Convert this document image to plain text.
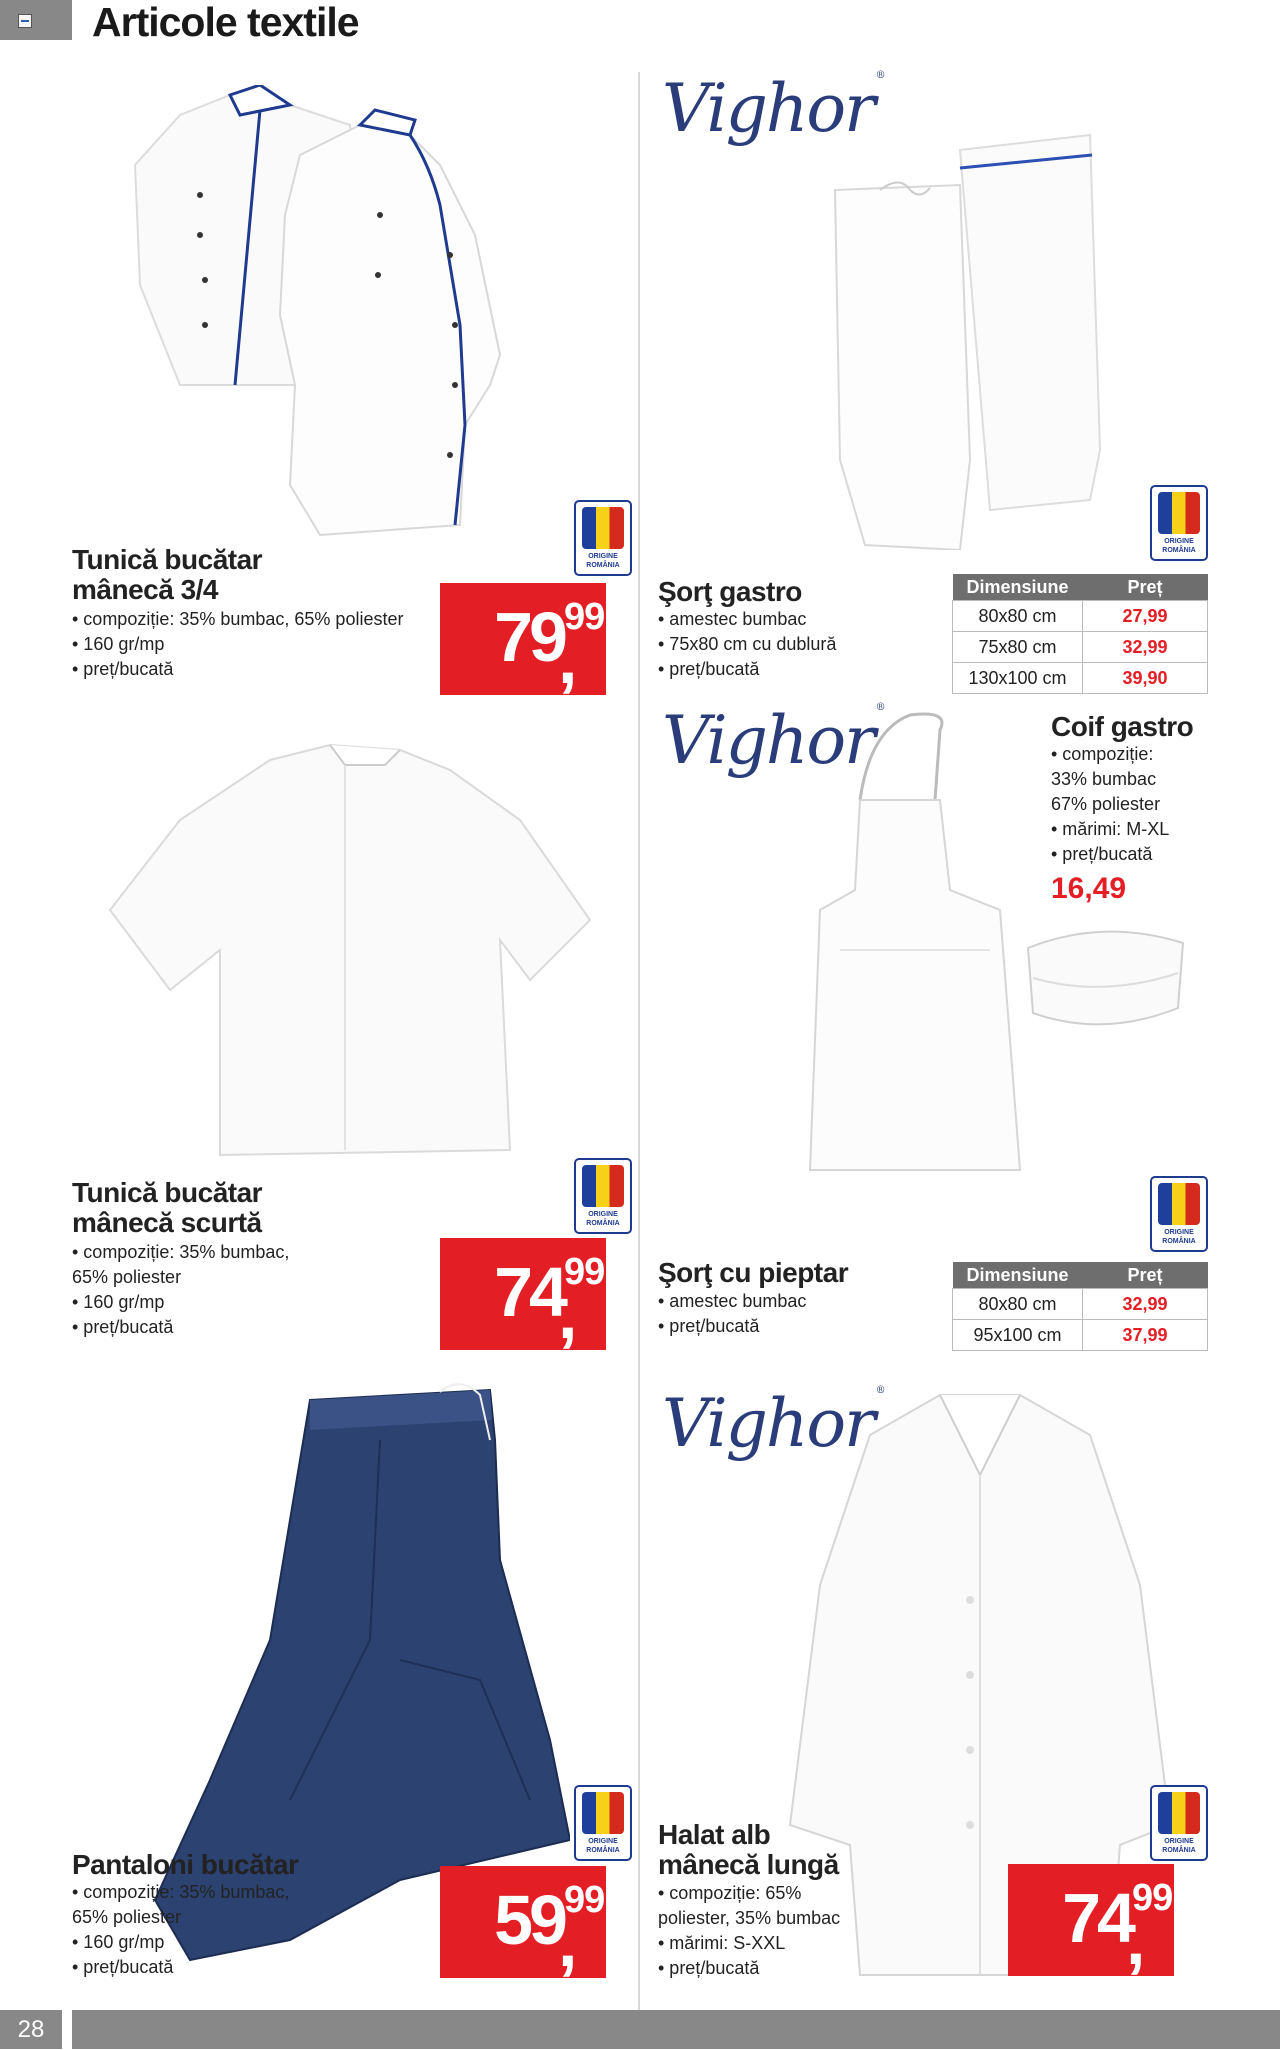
Articole textile
Tunică bucătar
mânecă 3/4
• compoziție: 35% bumbac, 65% poliester
• 160 gr/mp
• preț/bucată
ORIGINE
ROMÂNIA
79
,
99
Vighor ®
ORIGINE
ROMÂNIA
Şorţ gastro
• amestec bumbac
• 75x80 cm cu dublură
• preț/bucată
Dimensiune	Preț
80x80 cm	27,99
75x80 cm	32,99
130x100 cm	39,90
Vighor ®
Coif gastro
• compoziție:
33% bumbac
67% poliester
• mărimi: M-XL
• preț/bucată
16,49
Tunică bucătar
mânecă scurtă
• compoziție: 35% bumbac,
65% poliester
• 160 gr/mp
• preț/bucată
ORIGINE
ROMÂNIA
74
,
99
ORIGINE
ROMÂNIA
Şorţ cu pieptar
• amestec bumbac
• preț/bucată
Dimensiune	Preț
80x80 cm	32,99
95x100 cm	37,99
ORIGINE
ROMÂNIA
Pantaloni bucătar
• compoziție: 35% bumbac,
65% poliester
• 160 gr/mp
• preț/bucată
59
,
99
Vighor ®
ORIGINE
ROMÂNIA
Halat alb
mânecă lungă
• compoziție: 65%
poliester, 35% bumbac
• mărimi: S-XXL
• preț/bucată
74
,
99
28
